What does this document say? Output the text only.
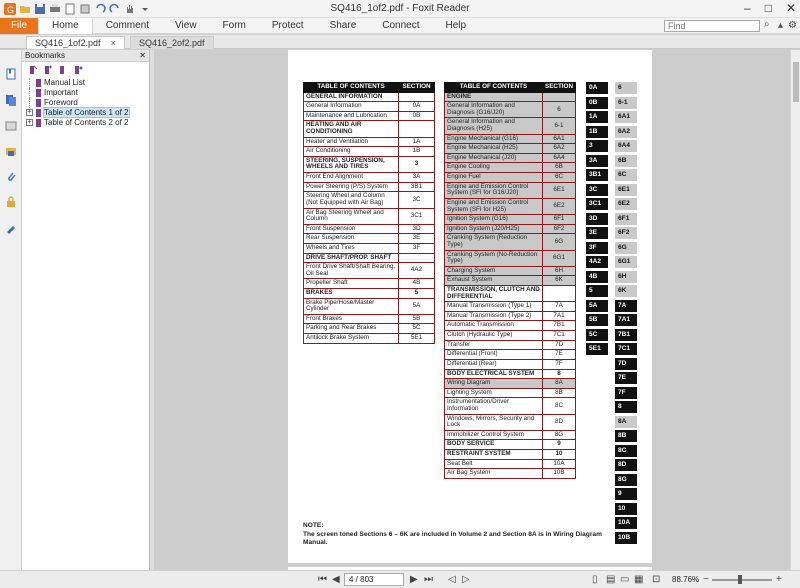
G	SQ416_1of2.pdf - Foxit Reader	– □ ✕
File	Home	Comment	View	Form	Protect	Share	Connect	Help
Find	⌕ ▴ ⚙
SQ416_1of2.pdf ×	SQ416_2of2.pdf
Bookmarks	✕
Manual List
Important
Foreword
+ Table of Contents 1 of 2
+ Table of Contents 2 of 2
TABLE OF CONTENTS	SECTION
GENERAL INFORMATION	
General Information	0A
Maintenance and Lubrication	0B
HEATING AND AIR CONDITIONING	
Heater and Ventilation	1A
Air Conditioning	1B
STEERING, SUSPENSION, WHEELS AND TIRES	3
Front End Alignment	3A
Power Steering (P/S) System	3B1
Steering Wheel and Column (Not Equipped with Air Bag)	3C
Air Bag Steering Wheel and Column	3C1
Front Suspension	3D
Rear Suspension	3E
Wheels and Tires	3F
DRIVE SHAFT/PROP. SHAFT	
Front Drive Shaft/Shaft Bearing, Oil Seal	4A2
Propeller Shaft	4B
BRAKES	5
Brake Pipe/Hose/Master Cylinder	5A
Front Brakes	5B
Parking and Rear Brakes	5C
Antilock Brake System	5E1
TABLE OF CONTENTS	SECTION
ENGINE	
General Information and Diagnosis (G16/J20)	6
General Information and Diagnosis (H25)	6-1
Engine Mechanical (G16)	6A1
Engine Mechanical (H25)	6A2
Engine Mechanical (J20)	6A4
Engine Cooling	6B
Engine Fuel	6C
Engine and Emission Control System (SFI for G16/J20)	6E1
Engine and Emission Control System (SFI for H25)	6E2
Ignition System (G16)	6F1
Ignition System (J20/H25)	6F2
Cranking System (Reduction Type)	6G
Cranking System (No-Reduction Type)	6G1
Charging System	6H
Exhaust System	6K
TRANSMISSION, CLUTCH AND DIFFERENTIAL	
Manual Transmission (Type 1)	7A
Manual Transmission (Type 2)	7A1
Automatic Transmission	7B1
Clutch (Hydraulic Type)	7C1
Transfer	7D
Differential (Front)	7E
Differential (Rear)	7F
BODY ELECTRICAL SYSTEM	8
Wiring Diagram	8A
Lighting System	8B
Instrumentation/Driver Information	8C
Windows, Mirrors, Security and Lock	8D
Immobilizer Control System	8G
BODY SERVICE	9
RESTRAINT SYSTEM	10
Seat Belt	10A
Air Bag System	10B
0A
0B
1A
1B
3
3A
3B1
3C
3C1
3D
3E
3F
4A2
4B
5
5A
5B
5C
5E1
6
6-1
6A1
6A2
6A4
6B
6C
6E1
6E2
6F1
6F2
6G
6G1
6H
6K
7A
7A1
7B1
7C1
7D
7E
7F
8
8A
8B
8C
8D
8G
9
10
10A
10B
NOTE:
The screen toned Sections 6 – 6K are included in Volume 2 and Section 8A is in Wiring Diagram Manual.
⏮ ◀	4 / 803	▶ ⏭ ◁ ▷	▯ ▤ ▭ ▦ ⊡ 88.76% −	+
